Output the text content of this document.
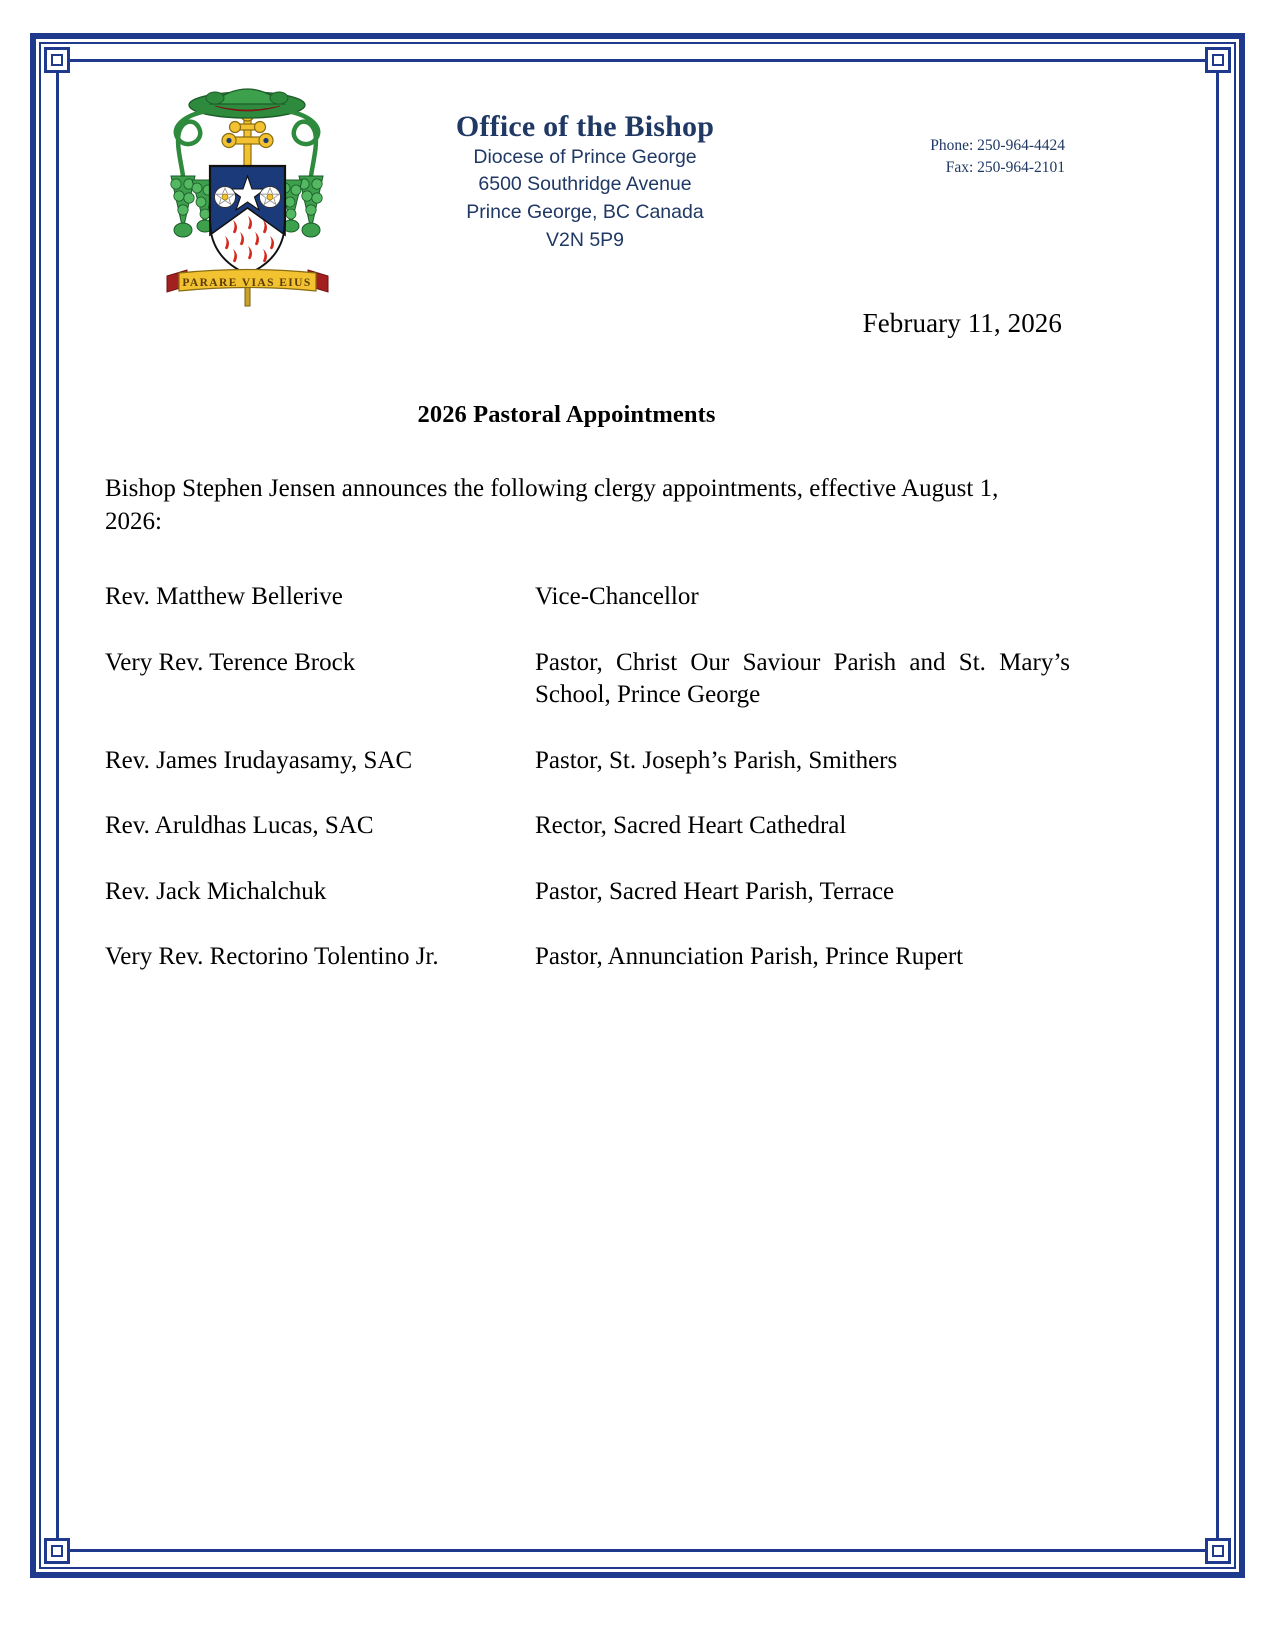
PARARE VIAS EIUS
Office of the Bishop
Diocese of Prince George
6500 Southridge Avenue
Prince George, BC Canada
V2N 5P9
Phone: 250-964-4424
Fax: 250-964-2101
February 11, 2026
2026 Pastoral Appointments
Bishop Stephen Jensen announces the following clergy appointments, effective August 1, 2026:
Rev. Matthew Bellerive	Vice-Chancellor
Very Rev. Terence Brock	Pastor, Christ Our Saviour Parish and St. Mary’s School, Prince George
Rev. James Irudayasamy, SAC	Pastor, St. Joseph’s Parish, Smithers
Rev. Aruldhas Lucas, SAC	Rector, Sacred Heart Cathedral
Rev. Jack Michalchuk	Pastor, Sacred Heart Parish, Terrace
Very Rev. Rectorino Tolentino Jr.	Pastor, Annunciation Parish, Prince Rupert
